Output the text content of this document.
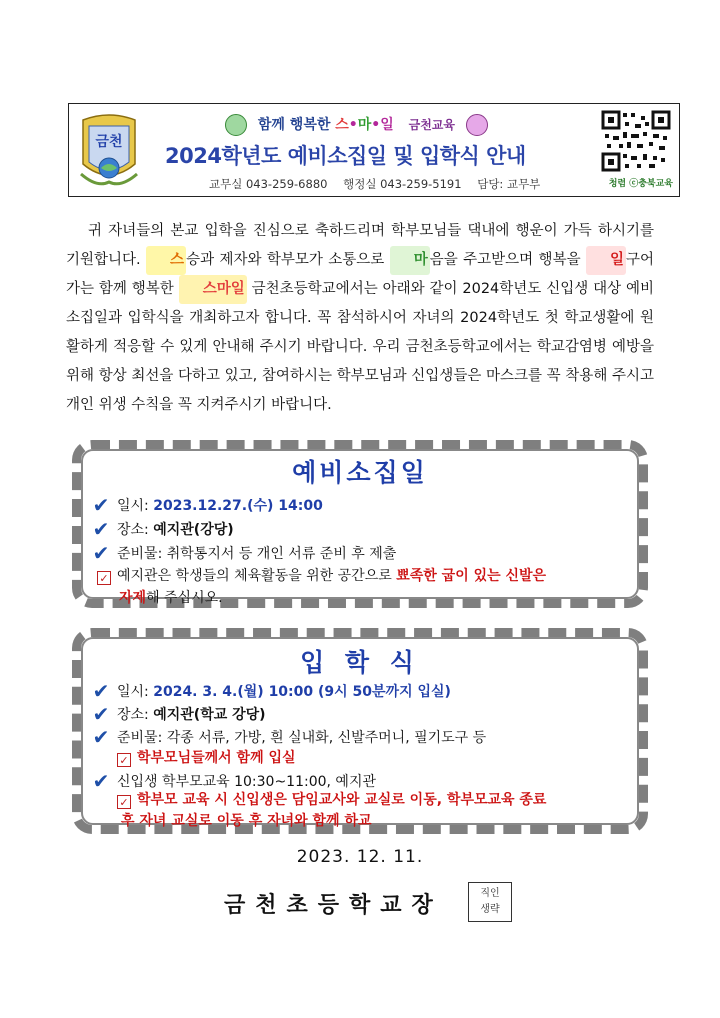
금천
함께 행복한 스•마•일 금천교육
2024학년도 예비소집일 및 입학식 안내
교무실 043-259-6880 행정실 043-259-5191 담당: 교무부	청렴 ⓒ충북교육

귀 자녀들의 본교 입학을 진심으로 축하드리며 학부모님들 댁내에 행운이 가득 하시기를 기원합니다. 스 승과 제자와 학부모가 소통으로 마 음을 주고받으며 행복을 일 구어가는 함께 행복한 스마일 금천초등학교에서는 아래와 같이 2024학년도 신입생 대상 예비소집일과 입학식을 개최하고자 합니다. 꼭 참석하시어 자녀의 2024학년도 첫 학교생활에 원활하게 적응할 수 있게 안내해 주시기 바랍니다. 우리 금천초등학교에서는 학교감염병 예방을 위해 항상 최선을 다하고 있고, 참여하시는 학부모님과 신입생들은 마스크를 꼭 착용해 주시고 개인 위생 수칙을 꼭 지켜주시기 바랍니다.

예비소집일
✔ 일시: 2023.12.27.(수) 14:00
✔ 장소: 예지관(강당)
✔ 준비물: 취학통지서 등 개인 서류 준비 후 제출
✓ 예지관은 학생들의 체육활동을 위한 공간으로 뾰족한 굽이 있는 신발은
자제해 주십시오.
입 학 식
✔ 일시: 2024. 3. 4.(월) 10:00 (9시 50분까지 입실)
✔ 장소: 예지관(학교 강당)
✔ 준비물: 각종 서류, 가방, 흰 실내화, 신발주머니, 필기도구 등
✓ 학부모님들께서 함께 입실
✔ 신입생 학부모교육 10:30~11:00, 예지관
✓ 학부모 교육 시 신입생은 담임교사와 교실로 이동, 학부모교육 종료
후 자녀 교실로 이동 후 자녀와 함께 하교
2023. 12. 11.
금천초등학교장	직인
생략
